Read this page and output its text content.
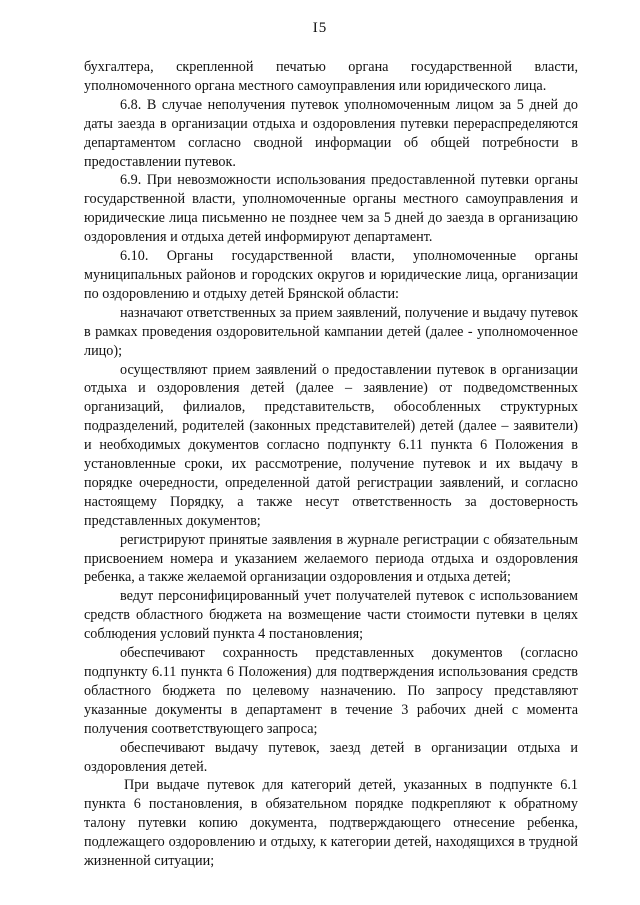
I5

бухгалтера, скрепленной печатью органа государственной власти, уполномоченного органа местного самоуправления или юридического лица.

6.8. В случае неполучения путевок уполномоченным лицом за 5 дней до даты заезда в организации отдыха и оздоровления путевки перераспределяются департаментом согласно сводной информации об общей потребности в предоставлении путевок.

6.9. При невозможности использования предоставленной путевки органы государственной власти, уполномоченные органы местного самоуправления и юридические лица письменно не позднее чем за 5 дней до заезда в организацию оздоровления и отдыха детей информируют департамент.

6.10. Органы государственной власти, уполномоченные органы муниципальных районов и городских округов и юридические лица, организации по оздоровлению и отдыху детей Брянской области:

назначают ответственных за прием заявлений, получение и выдачу путевок в рамках проведения оздоровительной кампании детей (далее - уполномоченное лицо);

осуществляют прием заявлений о предоставлении путевок в организации отдыха и оздоровления детей (далее – заявление) от подведомственных организаций, филиалов, представительств, обособленных структурных подразделений, родителей (законных представителей) детей (далее – заявители) и необходимых документов согласно подпункту 6.11 пункта 6 Положения в установленные сроки, их рассмотрение, получение путевок и их выдачу в порядке очередности, определенной датой регистрации заявлений, и согласно настоящему Порядку, а также несут ответственность за достоверность представленных документов;

регистрируют принятые заявления в журнале регистрации с обязательным присвоением номера и указанием желаемого периода отдыха и оздоровления ребенка, а также желаемой организации оздоровления и отдыха детей;

ведут персонифицированный учет получателей путевок с использованием средств областного бюджета на возмещение части стоимости путевки в целях соблюдения условий пункта 4 постановления;

обеспечивают сохранность представленных документов (согласно подпункту 6.11 пункта 6 Положения) для подтверждения использования средств областного бюджета по целевому назначению. По запросу представляют указанные документы в департамент в течение 3 рабочих дней с момента получения соответствующего запроса;

обеспечивают выдачу путевок, заезд детей в организации отдыха и оздоровления детей.

При выдаче путевок для категорий детей, указанных в подпункте 6.1 пункта 6 постановления, в обязательном порядке подкрепляют к обратному талону путевки копию документа, подтверждающего отнесение ребенка, подлежащего оздоровлению и отдыху, к категории детей, находящихся в трудной жизненной ситуации;
